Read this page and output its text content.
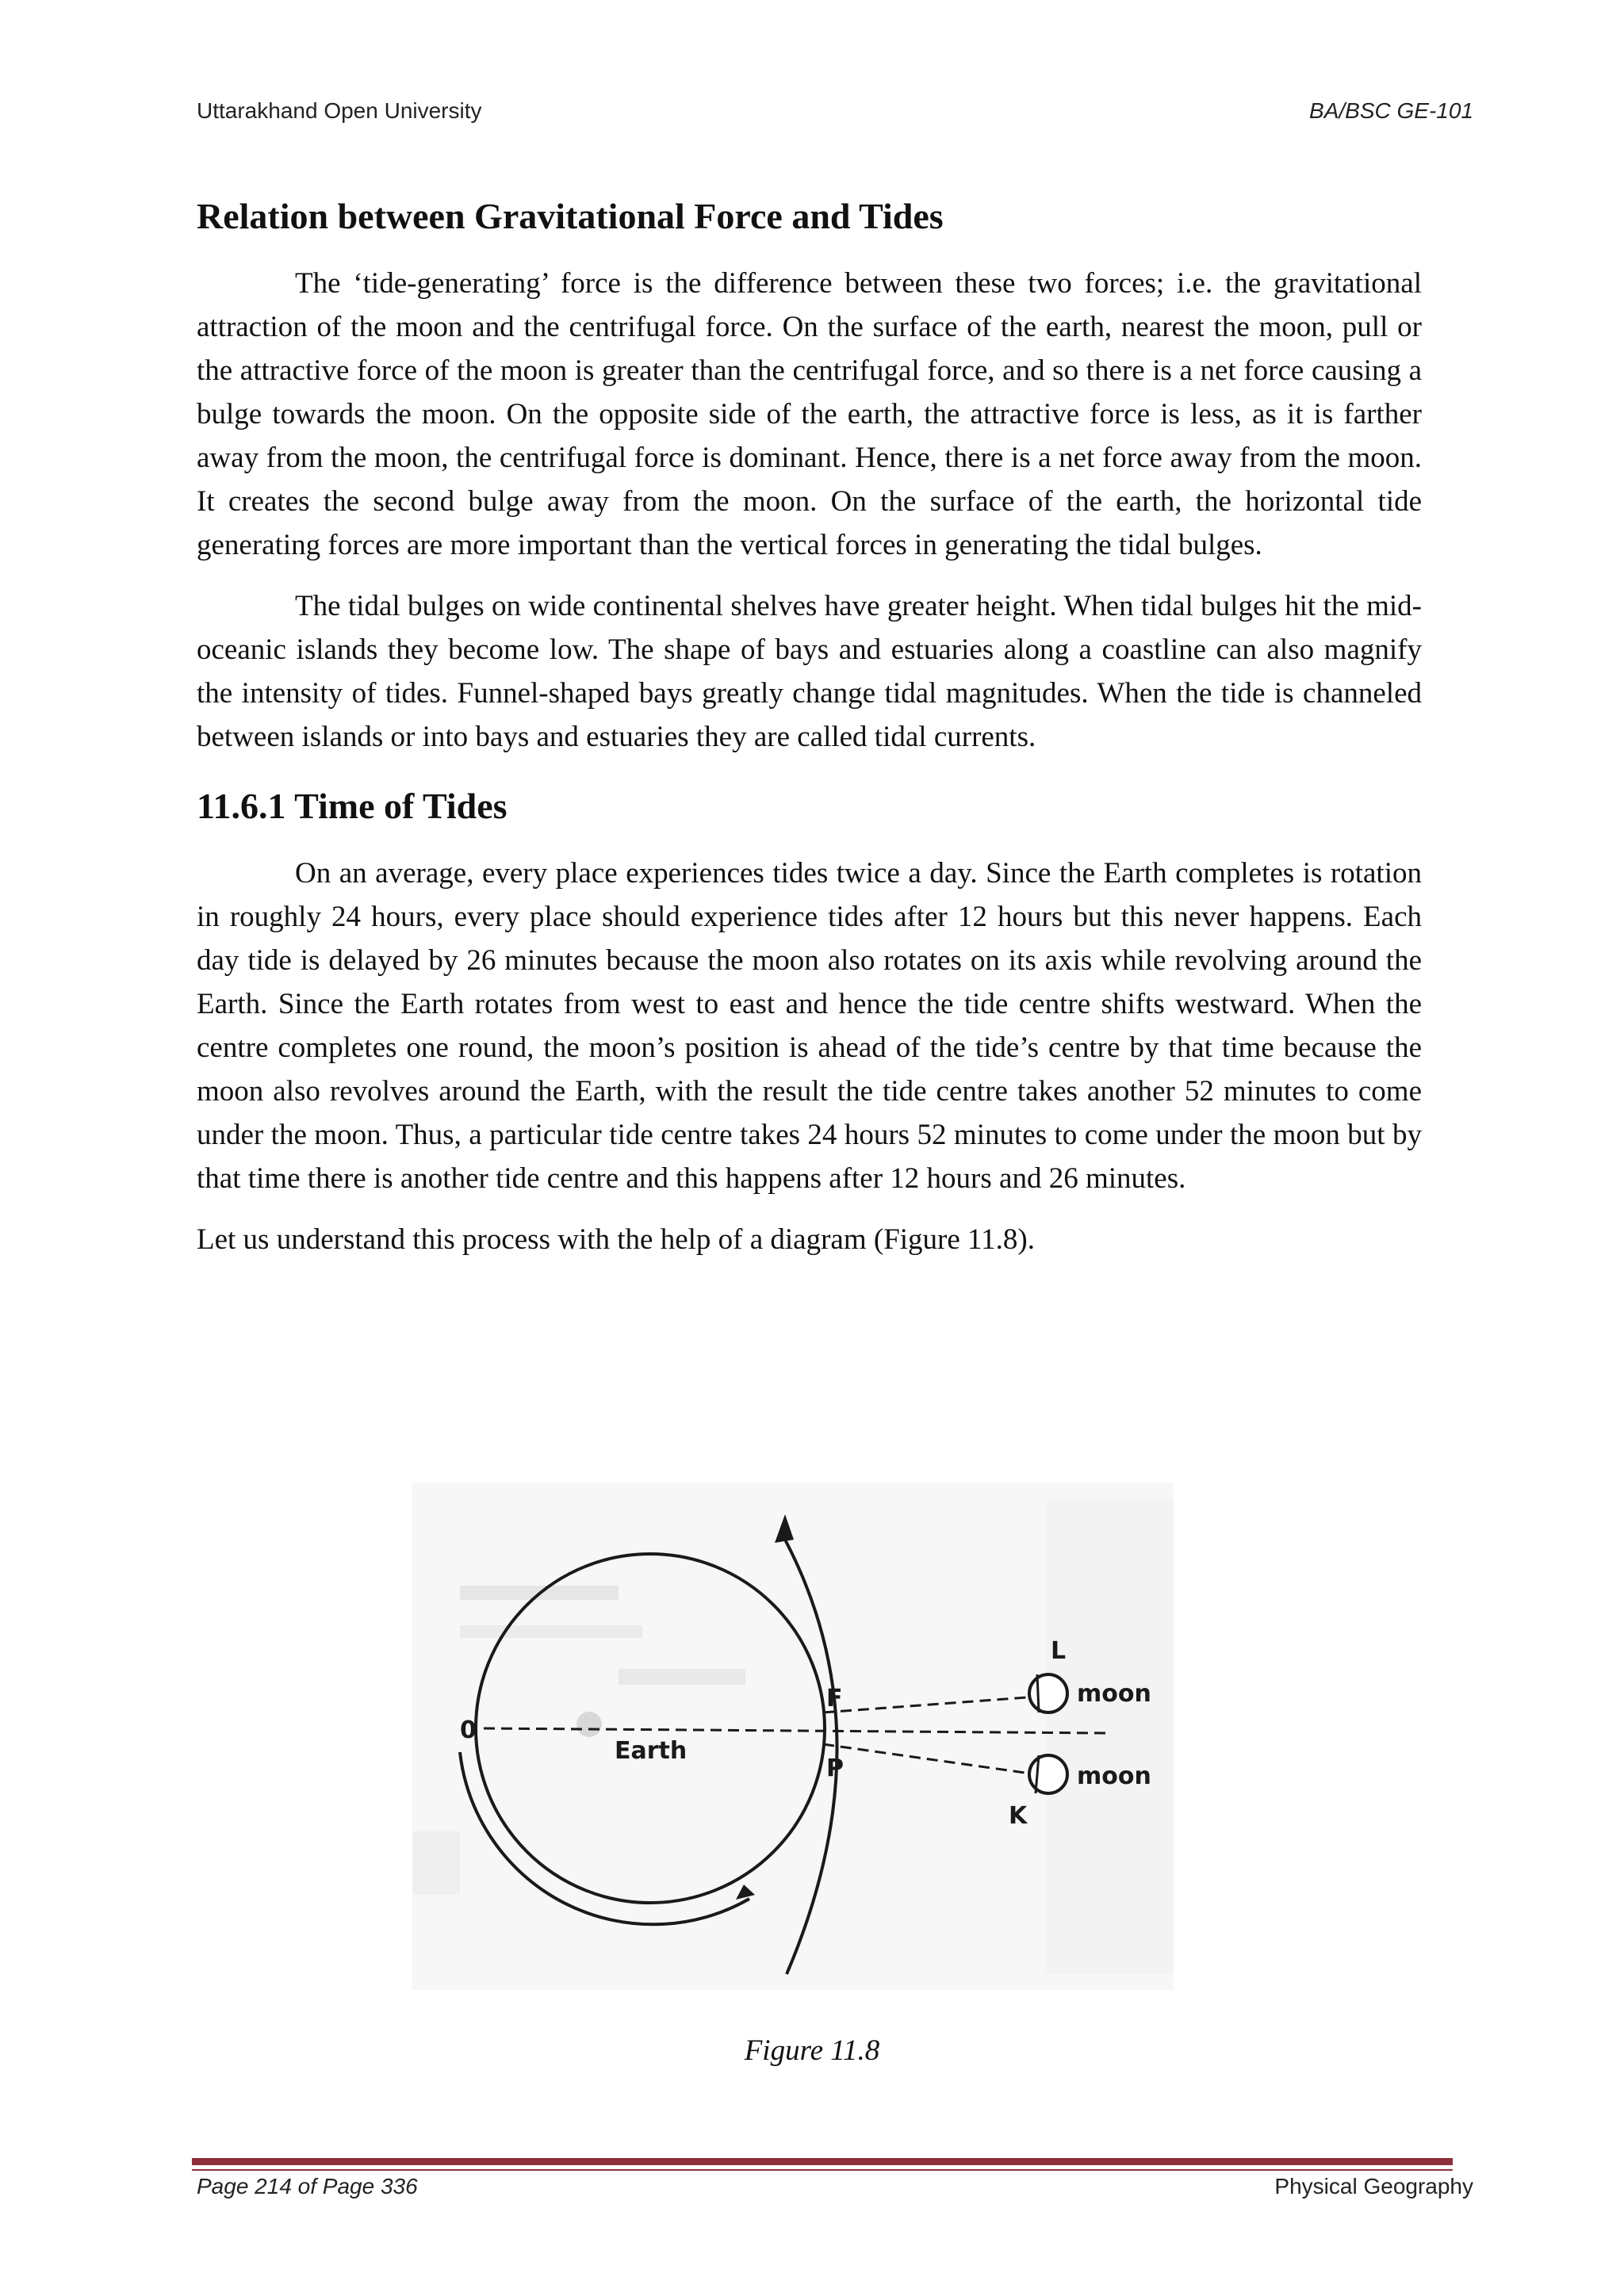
Uttarakhand Open University	BA/BSC GE-101
Relation between Gravitational Force and Tides

The ‘tide-generating’ force is the difference between these two forces; i.e. the gravitational attraction of the moon and the centrifugal force. On the surface of the earth, nearest the moon, pull or the attractive force of the moon is greater than the centrifugal force, and so there is a net force causing a bulge towards the moon. On the opposite side of the earth, the attractive force is less, as it is farther away from the moon, the centrifugal force is dominant. Hence, there is a net force away from the moon. It creates the second bulge away from the moon. On the surface of the earth, the horizontal tide generating forces are more important than the vertical forces in generating the tidal bulges.

The tidal bulges on wide continental shelves have greater height. When tidal bulges hit the mid-oceanic islands they become low. The shape of bays and estuaries along a coastline can also magnify the intensity of tides. Funnel-shaped bays greatly change tidal magnitudes. When the tide is channeled between islands or into bays and estuaries they are called tidal currents.

11.6.1 Time of Tides

On an average, every place experiences tides twice a day. Since the Earth completes is rotation in roughly 24 hours, every place should experience tides after 12 hours but this never happens. Each day tide is delayed by 26 minutes because the moon also rotates on its axis while revolving around the Earth. Since the Earth rotates from west to east and hence the tide centre shifts westward. When the centre completes one round, the moon’s position is ahead of the tide’s centre by that time because the moon also revolves around the Earth, with the result the tide centre takes another 52 minutes to come under the moon. Thus, a particular tide centre takes 24 hours 52 minutes to come under the moon but by that time there is another tide centre and this happens after 12 hours and 26 minutes.

Let us understand this process with the help of a diagram (Figure 11.8).

0
Earth
F
P
L
K
moon
moon
Figure 11.8
Page 214 of Page 336	Physical Geography
